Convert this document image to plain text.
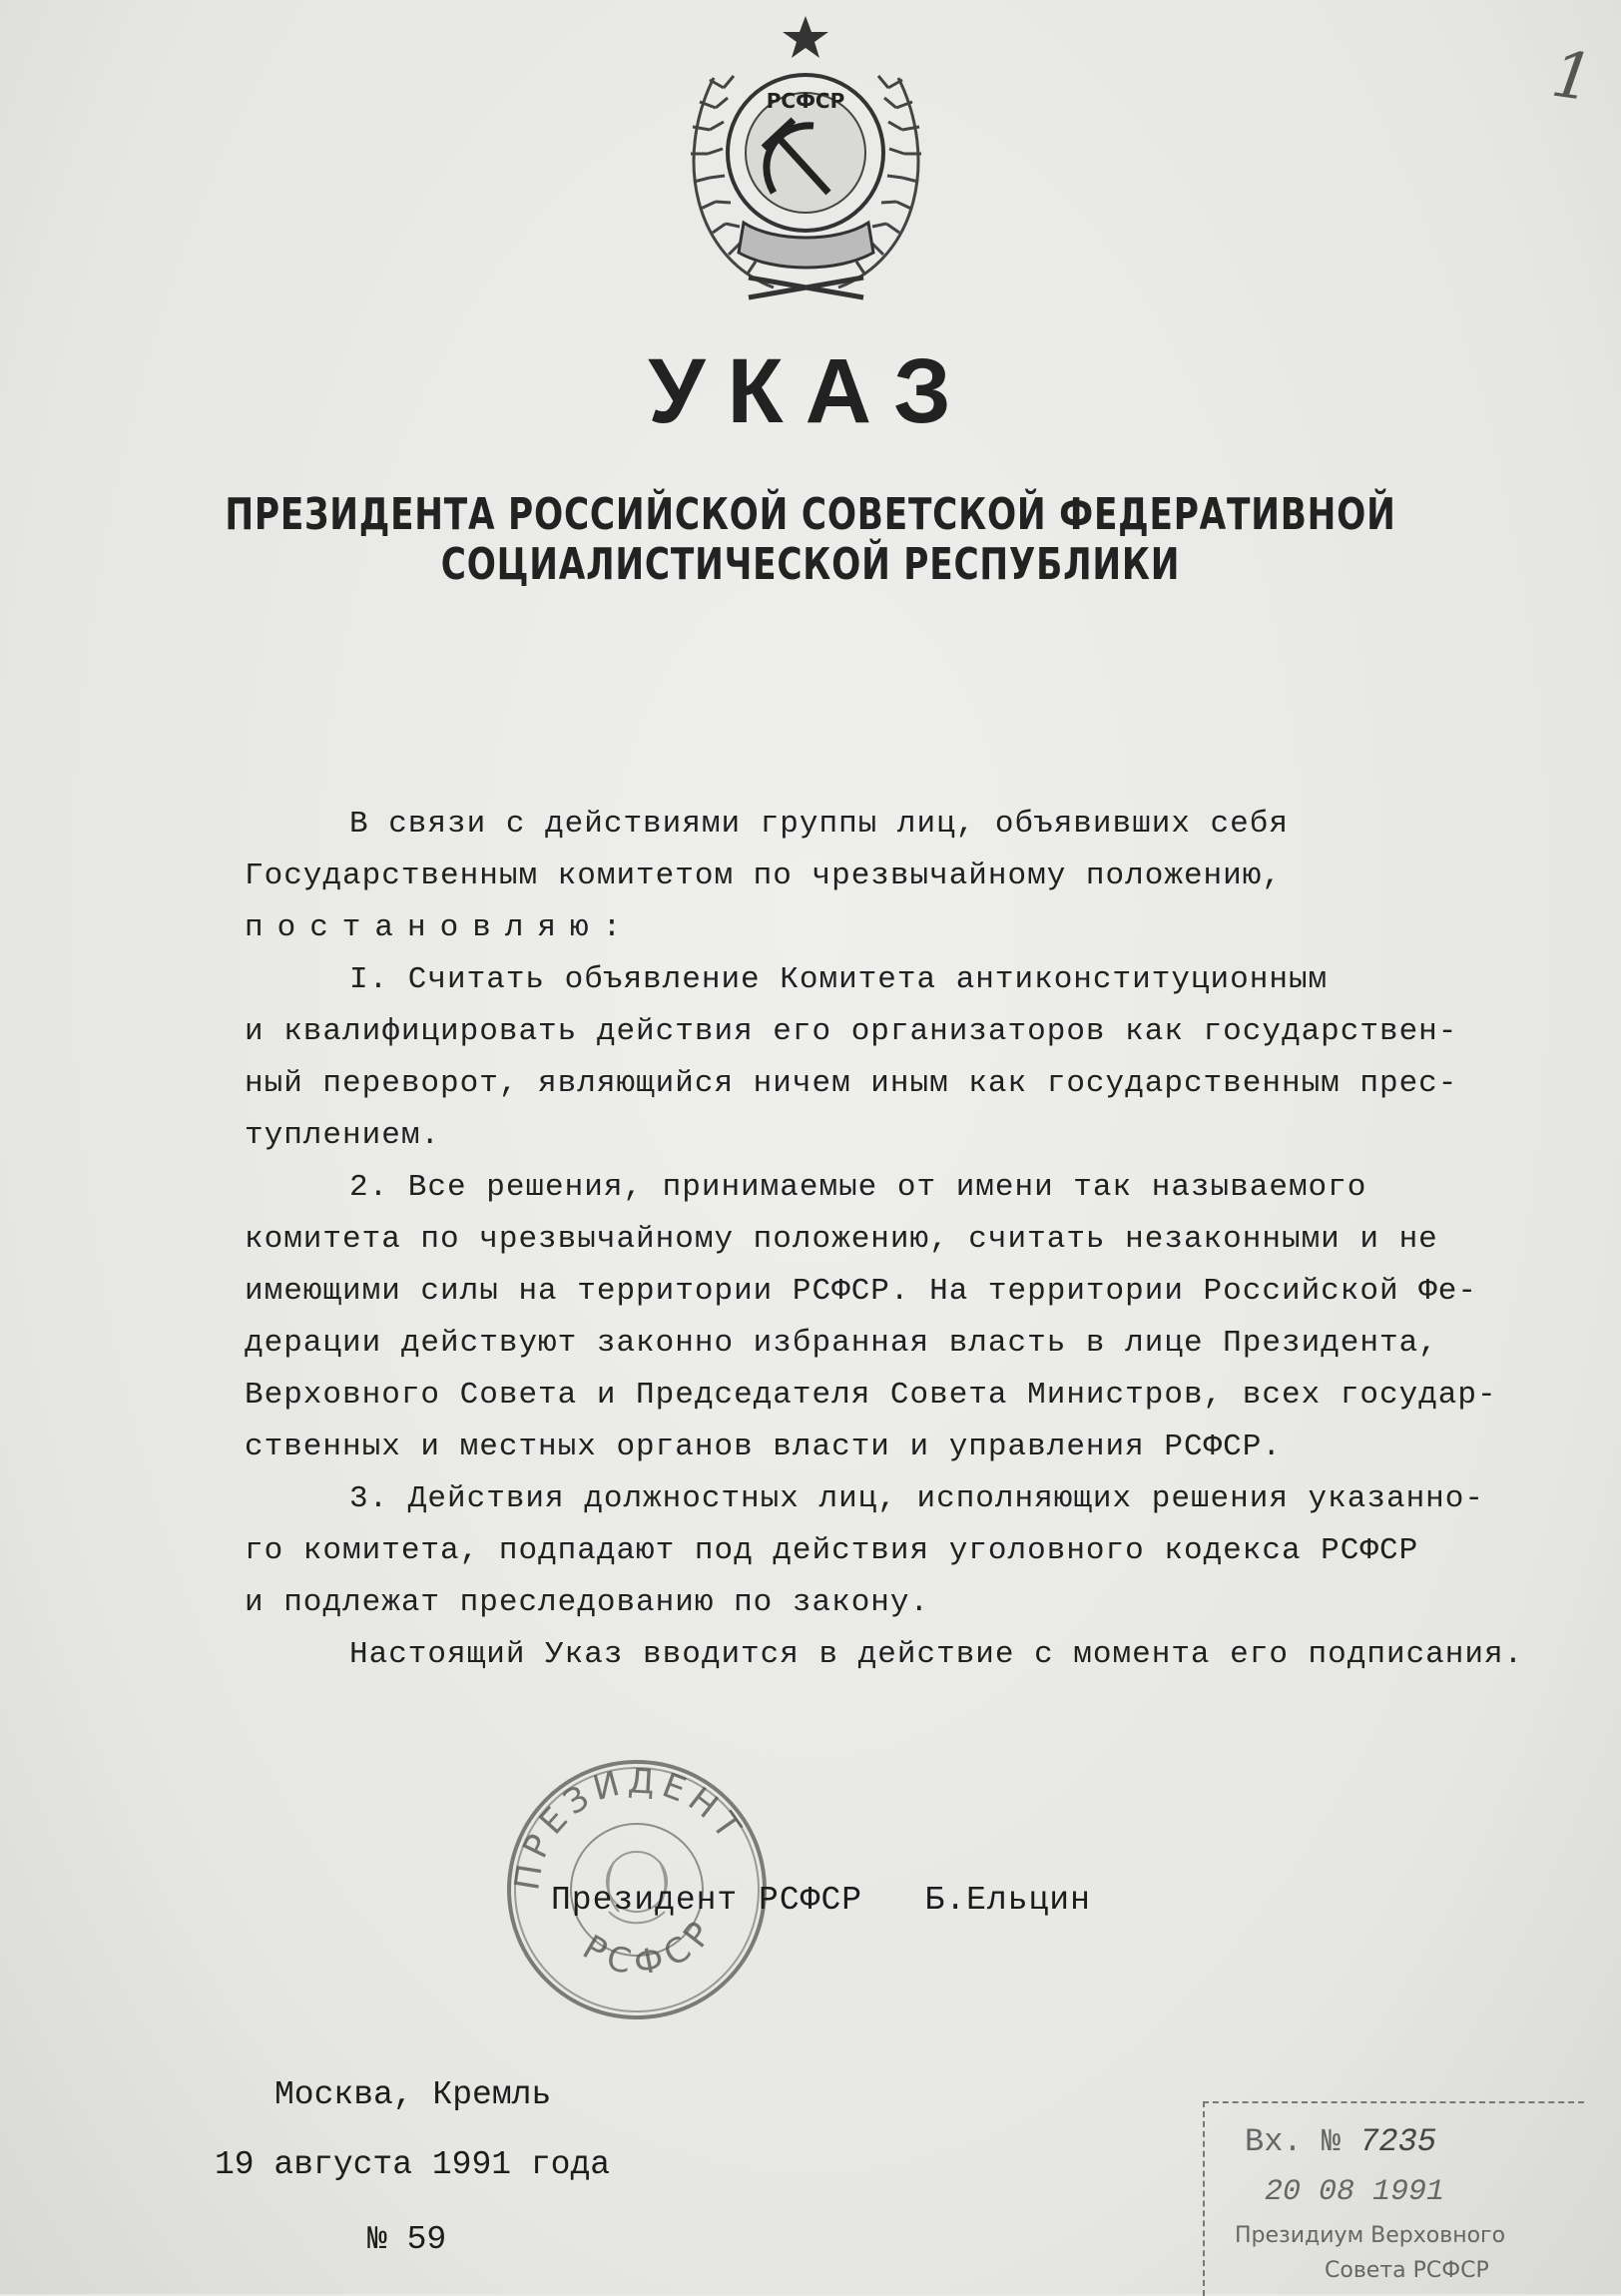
1
РСФСР
УКАЗ
ПРЕЗИДЕНТА РОССИЙСКОЙ СОВЕТСКОЙ ФЕДЕРАТИВНОЙ
СОЦИАЛИСТИЧЕСКОЙ РЕСПУБЛИКИ

В связи с действиями группы лиц, объявивших себя

Государственным комитетом по чрезвычайному положению,

постановляю:

I. Считать объявление Комитета антиконституционным

и квалифицировать действия его организаторов как государствен-

ный переворот, являющийся ничем иным как государственным прес-

туплением.

2. Все решения, принимаемые от имени так называемого

комитета по чрезвычайному положению, считать незаконными и не

имеющими силы на территории РСФСР. На территории Российской Фе-

дерации действуют законно избранная власть в лице Президента,

Верховного Совета и Председателя Совета Министров, всех государ-

ственных и местных органов власти и управления РСФСР.

3. Действия должностных лиц, исполняющих решения указанно-

го комитета, подпадают под действия уголовного кодекса РСФСР

и подлежат преследованию по закону.

Настоящий Указ вводится в действие с момента его подписания.

ПРЕЗИДЕНТ
РСФСР
Президент РСФСР Б.Ельцин
Москва, Кремль
19 августа 1991 года
№ 59
Вх. № 7235
20 08 1991
Президиум Верховного
Совета РСФСР
